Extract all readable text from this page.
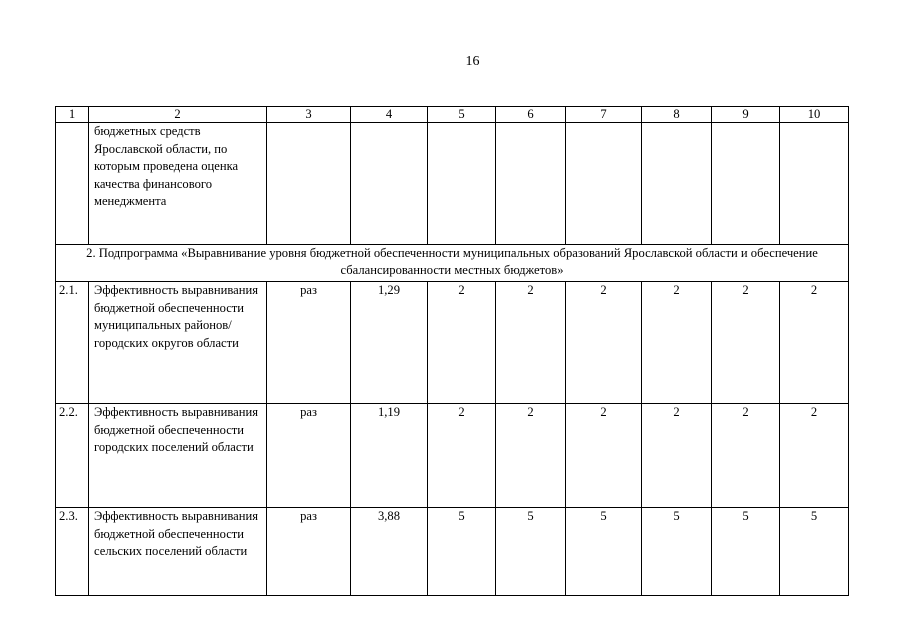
16
1	2	3	4	5	6	7	8	9	10
	бюджетных средств Ярославской области, по которым проведена оценка качества финансового менеджмента								
2. Подпрограмма «Выравнивание уровня бюджетной обеспеченности муниципальных образований Ярославской области и обеспечение сбалансированности местных бюджетов»									
2.1.	Эффективность выравнивания бюджетной обеспеченности муниципальных районов/городских округов области	раз	1,29	2	2	2	2	2	2
2.2.	Эффективность выравнивания бюджетной обеспеченности городских поселений области	раз	1,19	2	2	2	2	2	2
2.3.	Эффективность выравнивания бюджетной обеспеченности сельских поселений области	раз	3,88	5	5	5	5	5	5
